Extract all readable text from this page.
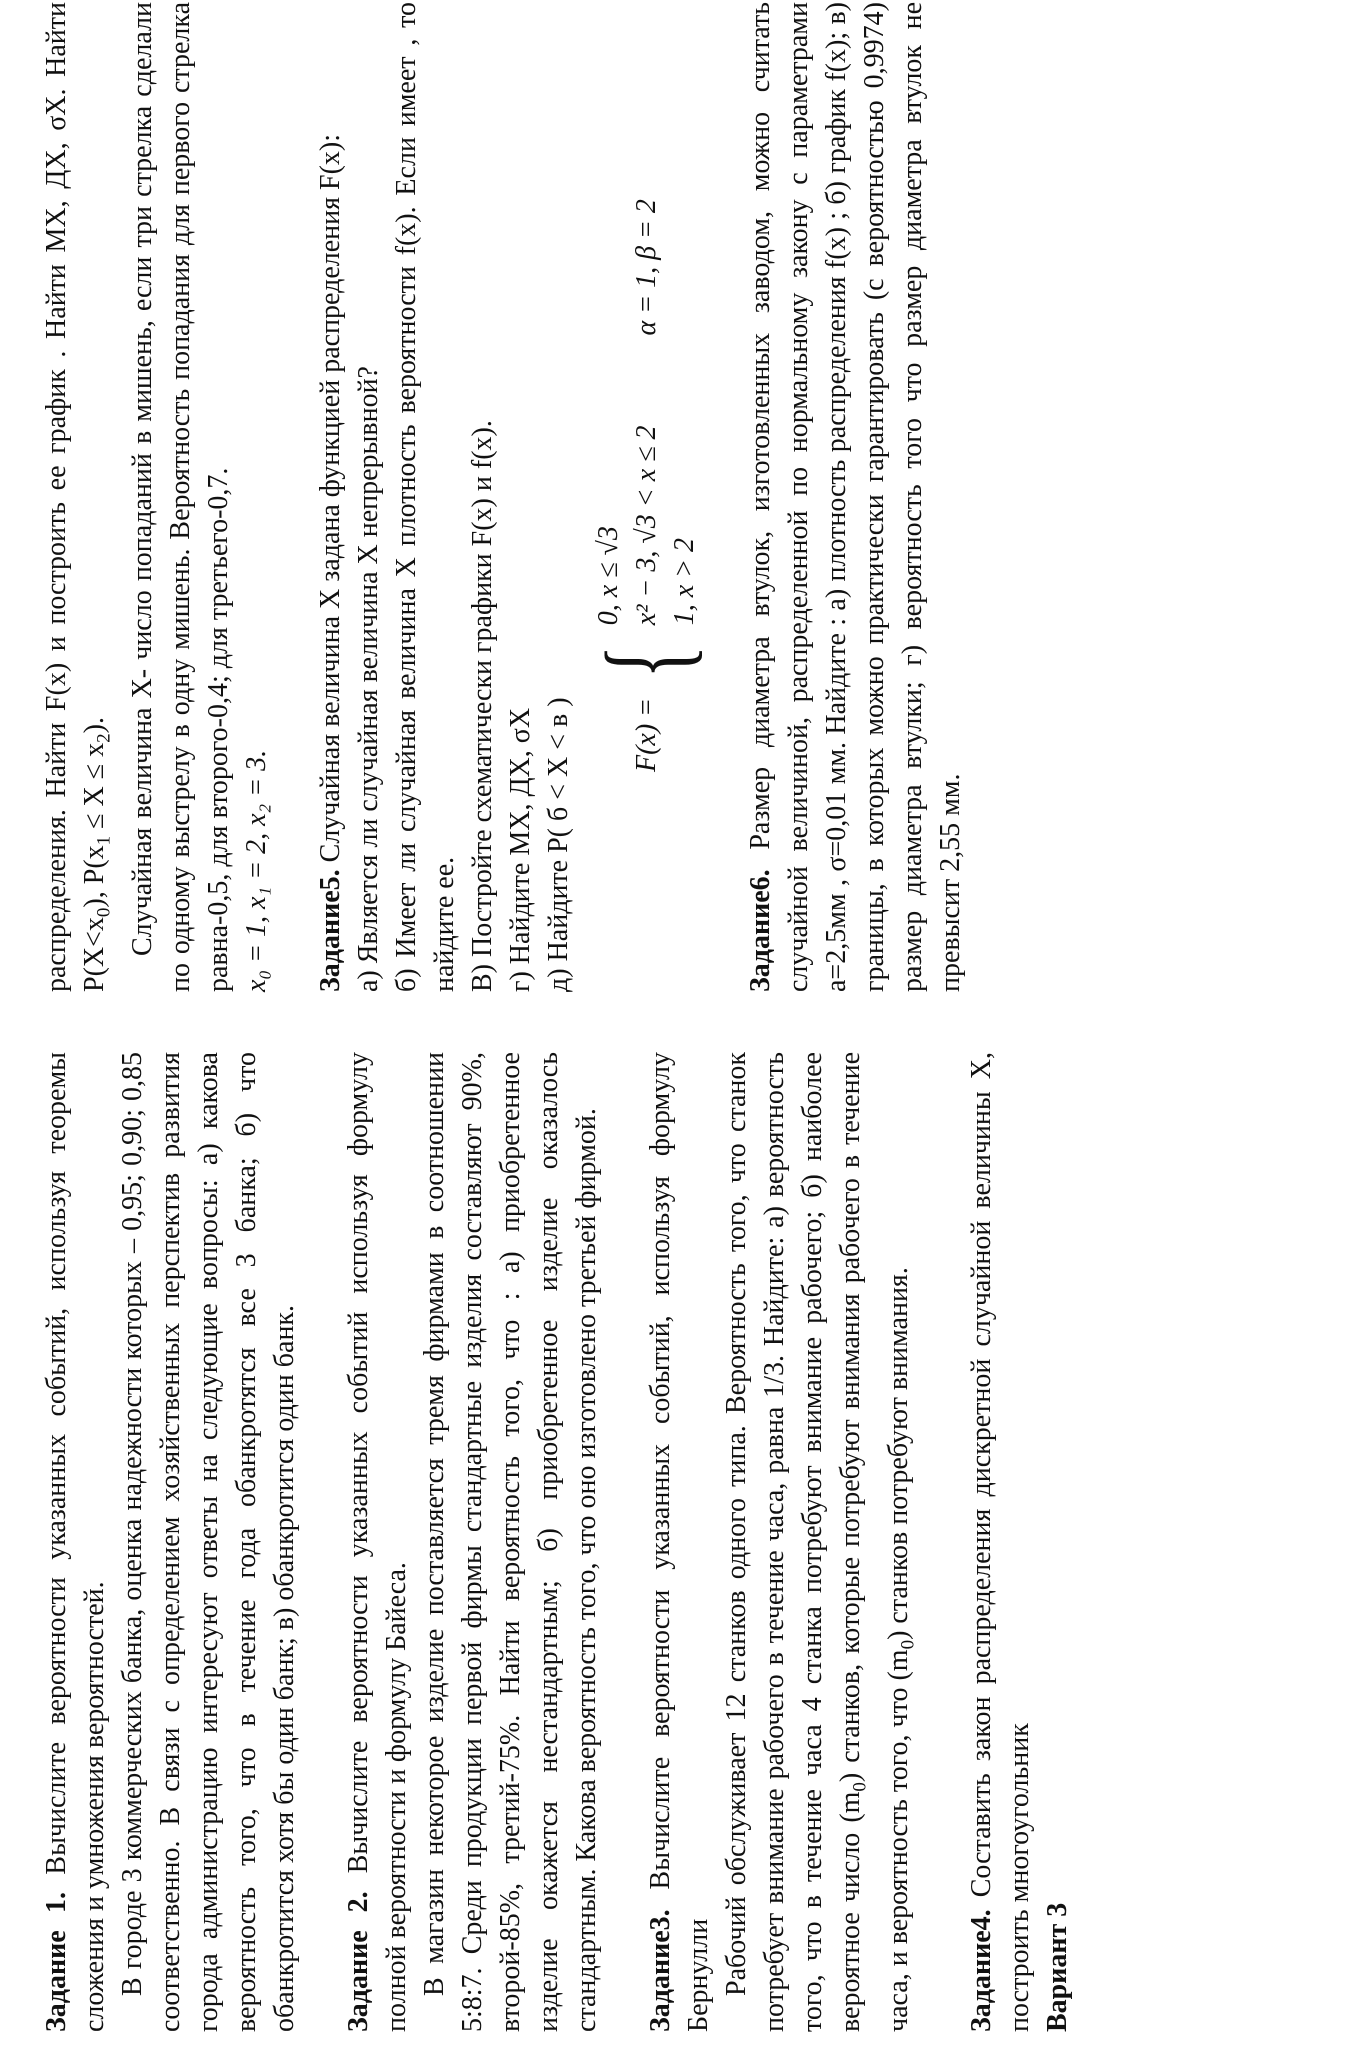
Задание 1. Вычислите вероятности указанных событий, используя теоремы сложения и умножения вероятностей. В городе 3 коммерческих банка, оценка надежности которых – 0,95; 0,90; 0,85 соответственно. В связи с определением хозяйственных перспектив развития города администрацию интересуют ответы на следующие вопросы: а) какова вероятность того, что в течение года обанкротятся все 3 банка; б) что обанкротится хотя бы один банк; в) обанкротится один банк. Задание 2. Вычислите вероятности указанных событий используя формулу полной вероятности и формулу Байеса. В магазин некоторое изделие поставляется тремя фирмами в соотношении 5:8:7. Среди продукции первой фирмы стандартные изделия составляют 90%, второй-85%, третий-75%. Найти вероятность того, что : а) приобретенное изделие окажется нестандартным; б) приобретенное изделие оказалось стандартным. Какова вероятность того, что оно изготовлено третьей фирмой. Задание3. Вычислите вероятности указанных событий, используя формулу Бернулли Рабочий обслуживает 12 станков одного типа. Вероятность того, что станок потребует внимание рабочего в течение часа, равна 1/3. Найдите: а) вероятность того, что в течение часа 4 станка потребуют внимание рабочего; б) наиболее вероятное число $(m_0)$ станков, которые потребуют внимания рабочего в течение часа, и вероятность того, что $(m_0)$ станков потребуют внимания.

Задание4. Составить закон распределения дискретной случайной величины X, построить многоугольник Вариант 3

распределения. Найти F(x) и построить ее график . Найти MX, ДX, σX. Найти $P(X<x_0)$, $P(x_1 \le X \le x_2)$. Случайная величина X- число попаданий в мишень, если три стрелка сделали по одному выстрелу в одну мишень. Вероятность попадания для первого стрелка равна-0,5, для второго-0,4; для третьего-0,7. x₀ = 1, x₁ = 2, x₂ = 3. Задание5. Случайная величина X задана функцией распределения F(x): а) Является ли случайная величина X непрерывной? б) Имеет ли случайная величина X плотность вероятности f(x). Если имеет , то найдите ее. В) Постройте схематически графики F(x) и f(x). г) Найдите MX, ДX, σX д) Найдите P( б < X < в ) F(x) =
{
0, x ≤ √3 x² − 3, √3 < x ≤ 2 1, x > 2
α = 1, β = 2

Задание6. Размер диаметра втулок, изготовленных заводом, можно считать случайной величиной, распределенной по нормальному закону с параметрами a=2,5мм , σ=0,01 мм. Найдите : а) плотность распределения f(x) ; б) график f(x); в) границы, в которых можно практически гарантировать (с вероятностью 0,9974) размер диаметра втулки; г) вероятность того что размер диаметра втулок не превысит 2,55 мм.
